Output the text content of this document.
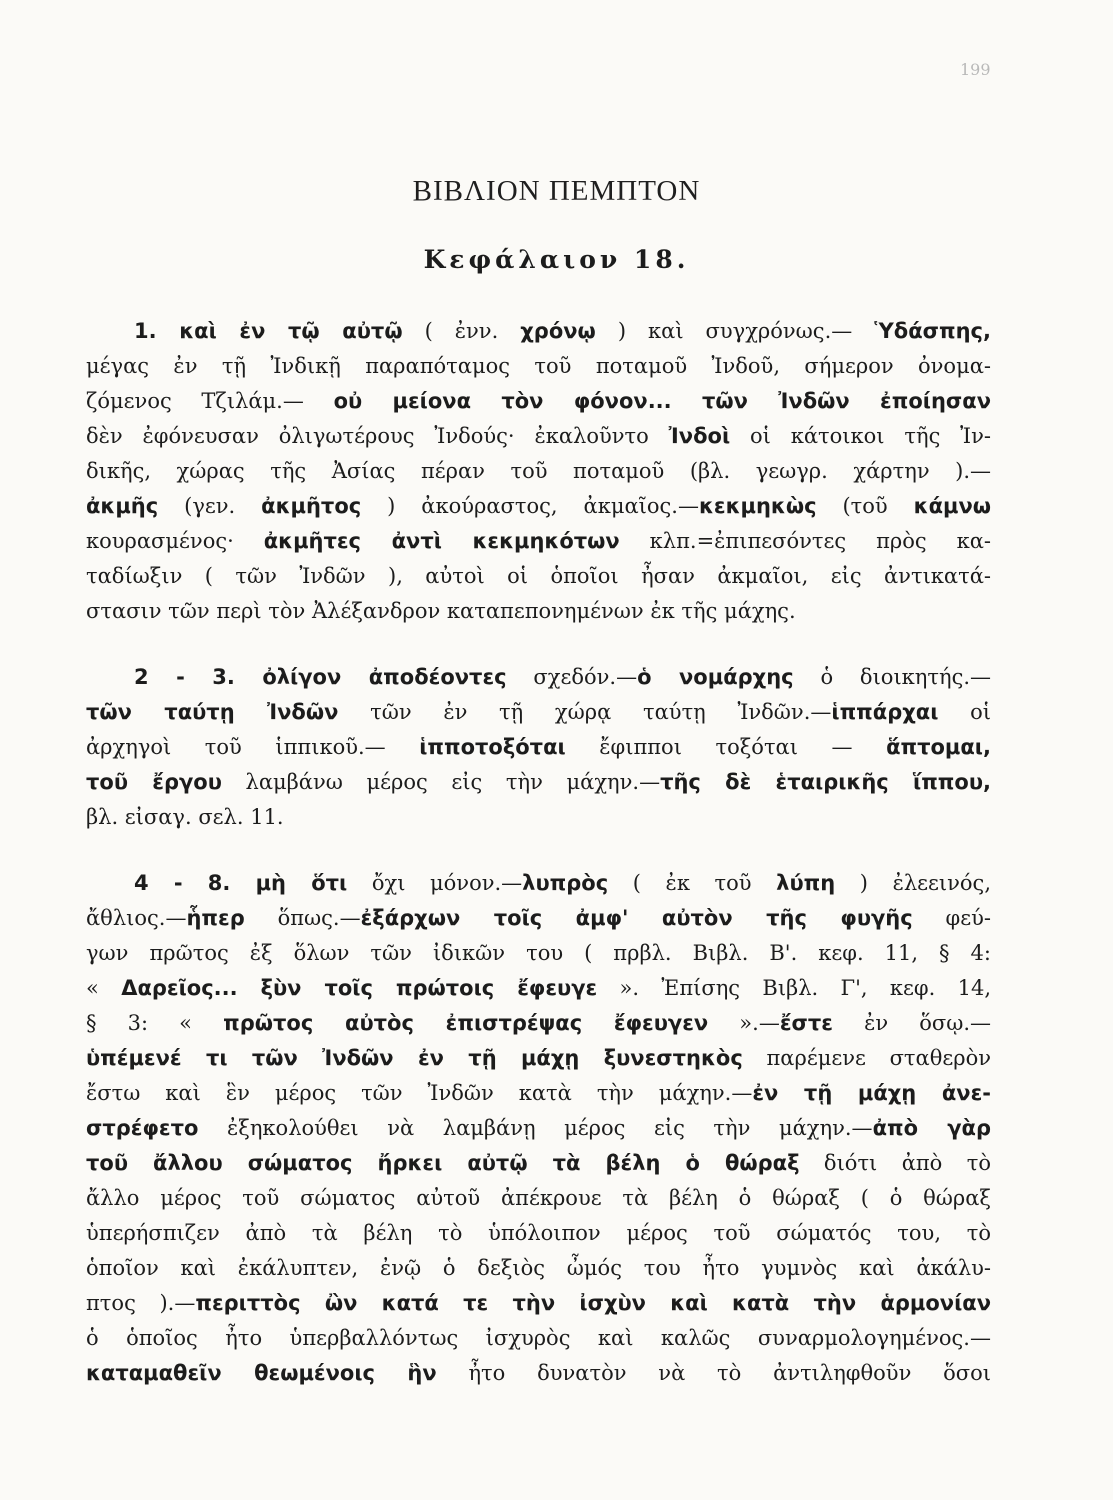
199
ΒΙΒΛΙΟΝ ΠΕΜΠΤΟΝ
Κεφάλαιον 18.
1. καὶ ἐν τῷ αὐτῷ ( ἐνν. χρόνῳ ) καὶ συγχρόνως.— Ὑδάσπης,
μέγας ἐν τῇ Ἰνδικῇ παραπόταμος τοῦ ποταμοῦ Ἰνδοῦ, σήμερον ὀνομα-
ζόμενος Τζιλάμ.— οὐ μείονα τὸν φόνον... τῶν Ἰνδῶν ἐποίησαν
δὲν ἐφόνευσαν ὀλιγωτέρους Ἰνδούς· ἐκαλοῦντο Ἰνδοὶ οἱ κάτοικοι τῆς Ἰν-
δικῆς, χώρας τῆς Ἀσίας πέραν τοῦ ποταμοῦ (βλ. γεωγρ. χάρτην ).—
ἀκμῆς (γεν. ἀκμῆτος ) ἀκούραστος, ἀκμαῖος.—κεκμηκὼς (τοῦ κάμνω
κουρασμένος· ἀκμῆτες ἀντὶ κεκμηκότων κλπ.=ἐπιπεσόντες πρὸς κα-
ταδίωξιν ( τῶν Ἰνδῶν ), αὐτοὶ οἱ ὁποῖοι ἦσαν ἀκμαῖοι, εἰς ἀντικατά-
στασιν τῶν περὶ τὸν Ἀλέξανδρον καταπεπονημένων ἐκ τῆς μάχης.
2 - 3. ὀλίγον ἀποδέοντες σχεδόν.—ὁ νομάρχης ὁ διοικητής.—
τῶν ταύτῃ Ἰνδῶν τῶν ἐν τῇ χώρᾳ ταύτῃ Ἰνδῶν.—ἱππάρχαι οἱ
ἀρχηγοὶ τοῦ ἱππικοῦ.— ἱπποτοξόται ἔφιπποι τοξόται — ἅπτομαι,
τοῦ ἔργου λαμβάνω μέρος εἰς τὴν μάχην.—τῆς δὲ ἑταιρικῆς ἵππου,
βλ. εἰσαγ. σελ. 11.
4 - 8. μὴ ὅτι ὄχι μόνον.—λυπρὸς ( ἐκ τοῦ λύπη ) ἐλεεινός,
ἄθλιος.—ἧπερ ὅπως.—ἐξάρχων τοῖς ἀμφ' αὐτὸν τῆς φυγῆς φεύ-
γων πρῶτος ἐξ ὅλων τῶν ἰδικῶν του ( πρβλ. Βιβλ. Β'. κεφ. 11, § 4:
« Δαρεῖος... ξὺν τοῖς πρώτοις ἔφευγε ». Ἐπίσης Βιβλ. Γ', κεφ. 14,
§ 3: « πρῶτος αὐτὸς ἐπιστρέψας ἔφευγεν ».—ἔστε ἐν ὅσῳ.—
ὑπέμενέ τι τῶν Ἰνδῶν ἐν τῇ μάχῃ ξυνεστηκὸς παρέμενε σταθερὸν
ἔστω καὶ ἓν μέρος τῶν Ἰνδῶν κατὰ τὴν μάχην.—ἐν τῇ μάχῃ ἀνε-
στρέφετο ἐξηκολούθει νὰ λαμβάνῃ μέρος εἰς τὴν μάχην.—ἀπὸ γὰρ
τοῦ ἄλλου σώματος ἤρκει αὐτῷ τὰ βέλη ὁ θώραξ διότι ἀπὸ τὸ
ἄλλο μέρος τοῦ σώματος αὐτοῦ ἀπέκρουε τὰ βέλη ὁ θώραξ ( ὁ θώραξ
ὑπερήσπιζεν ἀπὸ τὰ βέλη τὸ ὑπόλοιπον μέρος τοῦ σώματός του, τὸ
ὁποῖον καὶ ἐκάλυπτεν, ἐνῷ ὁ δεξιὸς ὦμός του ἦτο γυμνὸς καὶ ἀκάλυ-
πτος ).—περιττὸς ὢν κατά τε τὴν ἰσχὺν καὶ κατὰ τὴν ἁρμονίαν
ὁ ὁποῖος ἦτο ὑπερβαλλόντως ἰσχυρὸς καὶ καλῶς συναρμολογημένος.—
καταμαθεῖν θεωμένοις ἣν ἦτο δυνατὸν νὰ τὸ ἀντιληφθοῦν ὅσοι
